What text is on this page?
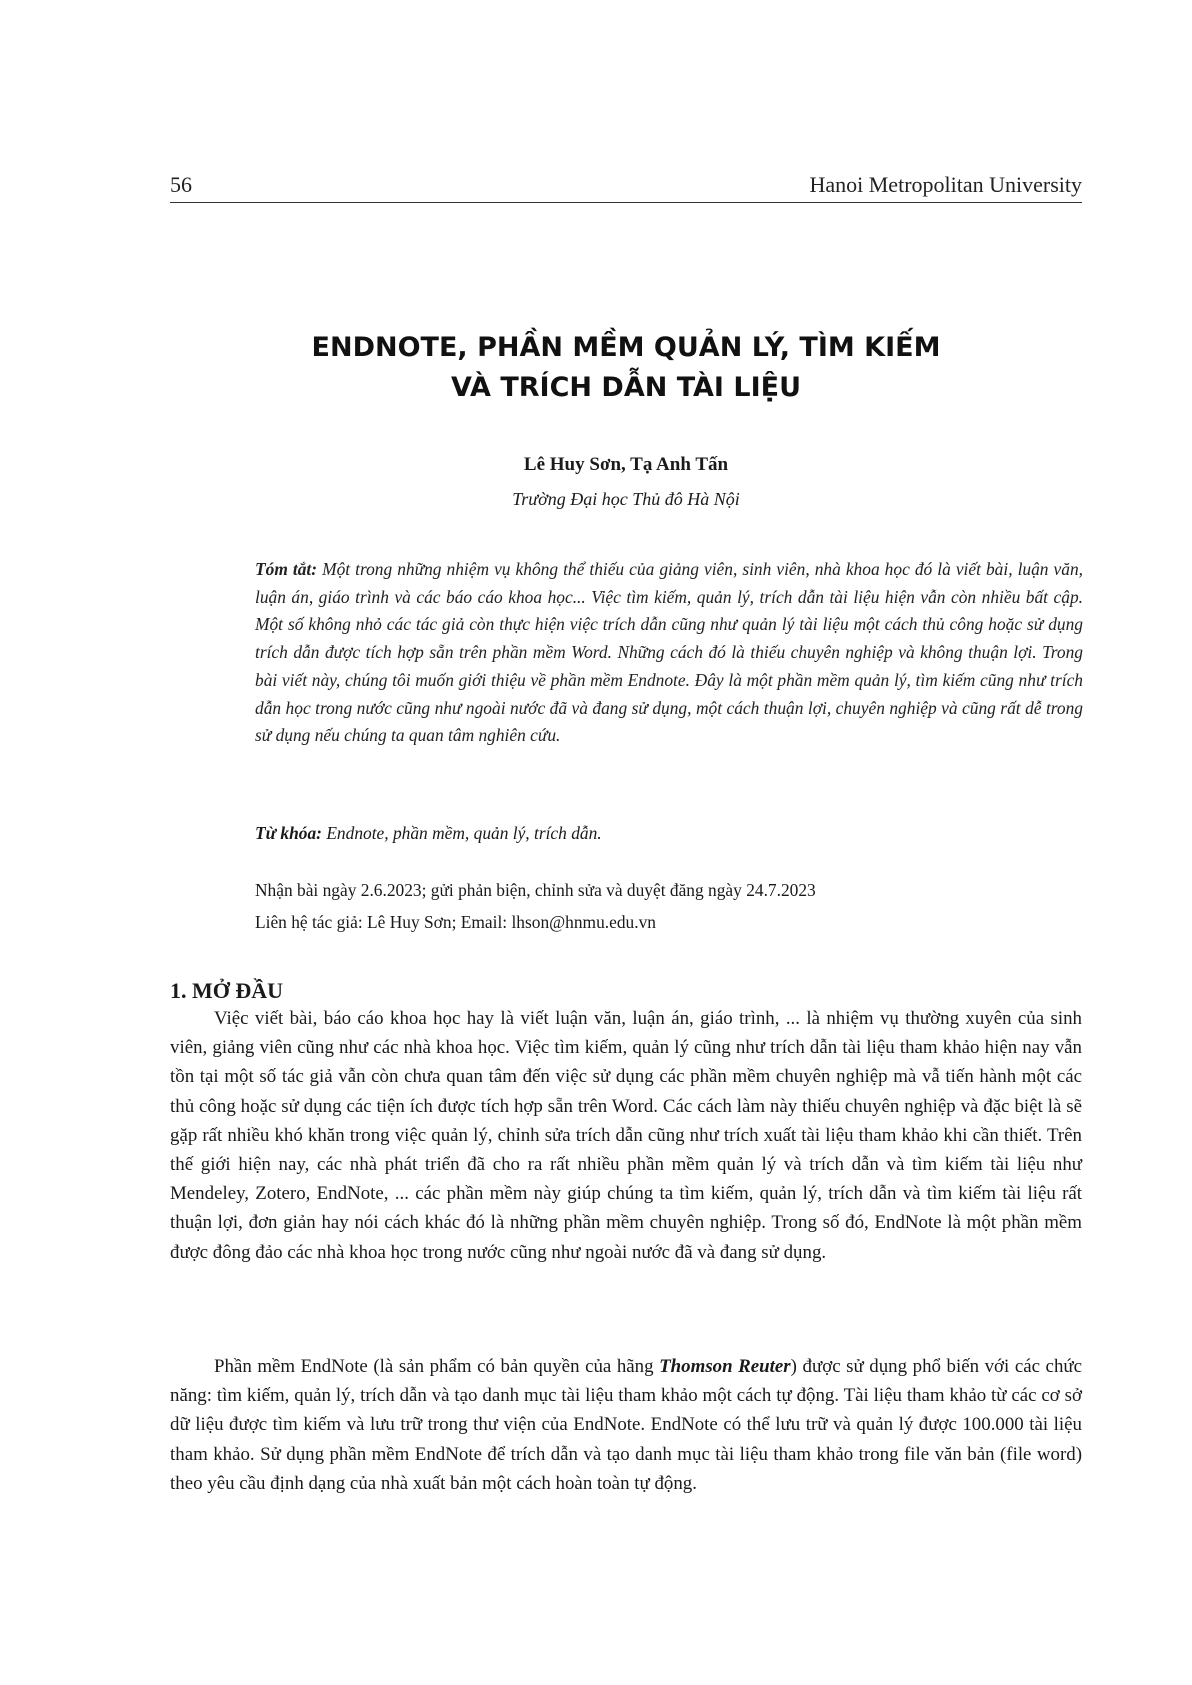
56	Hanoi Metropolitan University
ENDNOTE, PHẦN MỀM QUẢN LÝ, TÌM KIẾM
VÀ TRÍCH DẪN TÀI LIỆU
Lê Huy Sơn, Tạ Anh Tấn
Trường Đại học Thủ đô Hà Nội
Tóm tắt: Một trong những nhiệm vụ không thể thiếu của giảng viên, sinh viên, nhà khoa học đó là viết bài, luận văn, luận án, giáo trình và các báo cáo khoa học... Việc tìm kiếm, quản lý, trích dẫn tài liệu hiện vẫn còn nhiều bất cập. Một số không nhỏ các tác giả còn thực hiện việc trích dẫn cũng như quản lý tài liệu một cách thủ công hoặc sử dụng trích dẫn được tích hợp sẵn trên phần mềm Word. Những cách đó là thiếu chuyên nghiệp và không thuận lợi. Trong bài viết này, chúng tôi muốn giới thiệu về phần mềm Endnote. Đây là một phần mềm quản lý, tìm kiếm cũng như trích dẫn học trong nước cũng như ngoài nước đã và đang sử dụng, một cách thuận lợi, chuyên nghiệp và cũng rất dễ trong sử dụng nếu chúng ta quan tâm nghiên cứu.
Từ khóa: Endnote, phần mềm, quản lý, trích dẫn.
Nhận bài ngày 2.6.2023; gửi phản biện, chỉnh sửa và duyệt đăng ngày 24.7.2023
Liên hệ tác giả: Lê Huy Sơn; Email: lhson@hnmu.edu.vn
1. MỞ ĐẦU

Việc viết bài, báo cáo khoa học hay là viết luận văn, luận án, giáo trình, ... là nhiệm vụ thường xuyên của sinh viên, giảng viên cũng như các nhà khoa học. Việc tìm kiếm, quản lý cũng như trích dẫn tài liệu tham khảo hiện nay vẫn tồn tại một số tác giả vẫn còn chưa quan tâm đến việc sử dụng các phần mềm chuyên nghiệp mà vẫ tiến hành một các thủ công hoặc sử dụng các tiện ích được tích hợp sẵn trên Word. Các cách làm này thiếu chuyên nghiệp và đặc biệt là sẽ gặp rất nhiều khó khăn trong việc quản lý, chỉnh sửa trích dẫn cũng như trích xuất tài liệu tham khảo khi cần thiết. Trên thế giới hiện nay, các nhà phát triển đã cho ra rất nhiều phần mềm quản lý và trích dẫn và tìm kiếm tài liệu như Mendeley, Zotero, EndNote, ... các phần mềm này giúp chúng ta tìm kiếm, quản lý, trích dẫn và tìm kiếm tài liệu rất thuận lợi, đơn giản hay nói cách khác đó là những phần mềm chuyên nghiệp. Trong số đó, EndNote là một phần mềm được đông đảo các nhà khoa học trong nước cũng như ngoài nước đã và đang sử dụng.

Phần mềm EndNote (là sản phẩm có bản quyền của hãng Thomson Reuter) được sử dụng phổ biến với các chức năng: tìm kiếm, quản lý, trích dẫn và tạo danh mục tài liệu tham khảo một cách tự động. Tài liệu tham khảo từ các cơ sở dữ liệu được tìm kiếm và lưu trữ trong thư viện của EndNote. EndNote có thể lưu trữ và quản lý được 100.000 tài liệu tham khảo. Sử dụng phần mềm EndNote để trích dẫn và tạo danh mục tài liệu tham khảo trong file văn bản (file word) theo yêu cầu định dạng của nhà xuất bản một cách hoàn toàn tự động.
